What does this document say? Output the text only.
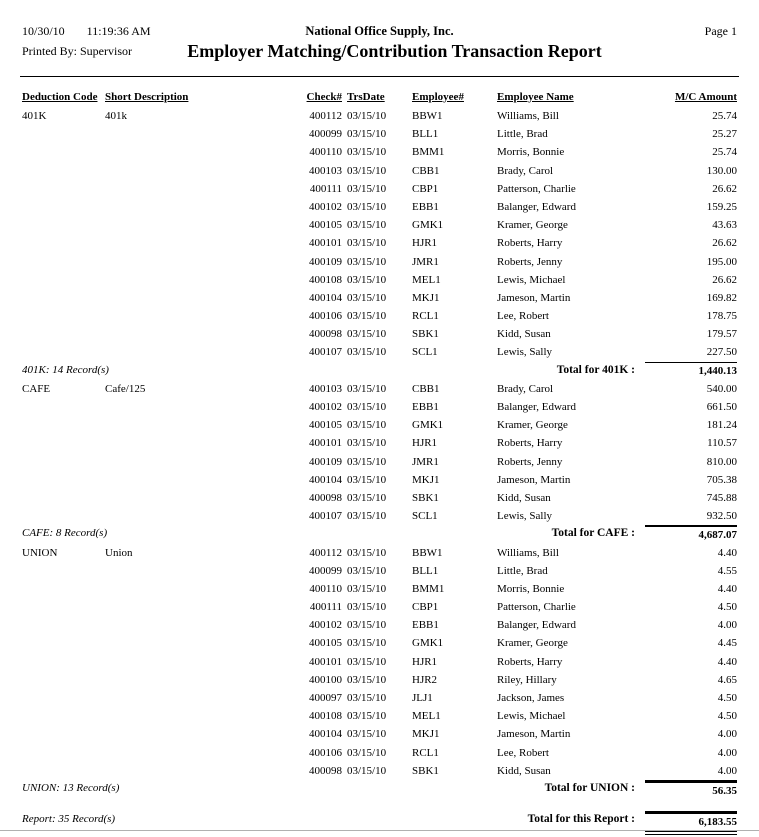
10/30/10 11:19:36 AM	National Office Supply, Inc.	Page 1
Printed By: Supervisor	Employer Matching/Contribution Transaction Report
Deduction Code Short Description	Check# TrsDate	Employee#	Employee Name	M/C Amount
401K	401k	400112 03/15/10	BBW1	Williams, Bill	25.74
400099 03/15/10	BLL1	Little, Brad	25.27
400110 03/15/10	BMM1	Morris, Bonnie	25.74
400103 03/15/10	CBB1	Brady, Carol	130.00
400111 03/15/10	CBP1	Patterson, Charlie	26.62
400102 03/15/10	EBB1	Balanger, Edward	159.25
400105 03/15/10	GMK1	Kramer, George	43.63
400101 03/15/10	HJR1	Roberts, Harry	26.62
400109 03/15/10	JMR1	Roberts, Jenny	195.00
400108 03/15/10	MEL1	Lewis, Michael	26.62
400104 03/15/10	MKJ1	Jameson, Martin	169.82
400106 03/15/10	RCL1	Lee, Robert	178.75
400098 03/15/10	SBK1	Kidd, Susan	179.57
400107 03/15/10	SCL1	Lewis, Sally	227.50
401K: 14 Record(s)	Total for 401K :	1,440.13
CAFE	Cafe/125	400103 03/15/10	CBB1	Brady, Carol	540.00
400102 03/15/10	EBB1	Balanger, Edward	661.50
400105 03/15/10	GMK1	Kramer, George	181.24
400101 03/15/10	HJR1	Roberts, Harry	110.57
400109 03/15/10	JMR1	Roberts, Jenny	810.00
400104 03/15/10	MKJ1	Jameson, Martin	705.38
400098 03/15/10	SBK1	Kidd, Susan	745.88
400107 03/15/10	SCL1	Lewis, Sally	932.50
CAFE: 8 Record(s)	Total for CAFE :	4,687.07
UNION	Union	400112 03/15/10	BBW1	Williams, Bill	4.40
400099 03/15/10	BLL1	Little, Brad	4.55
400110 03/15/10	BMM1	Morris, Bonnie	4.40
400111 03/15/10	CBP1	Patterson, Charlie	4.50
400102 03/15/10	EBB1	Balanger, Edward	4.00
400105 03/15/10	GMK1	Kramer, George	4.45
400101 03/15/10	HJR1	Roberts, Harry	4.40
400100 03/15/10	HJR2	Riley, Hillary	4.65
400097 03/15/10	JLJ1	Jackson, James	4.50
400108 03/15/10	MEL1	Lewis, Michael	4.50
400104 03/15/10	MKJ1	Jameson, Martin	4.00
400106 03/15/10	RCL1	Lee, Robert	4.00
400098 03/15/10	SBK1	Kidd, Susan	4.00
UNION: 13 Record(s)	Total for UNION :	56.35
Report: 35 Record(s)	Total for this Report :	6,183.55
